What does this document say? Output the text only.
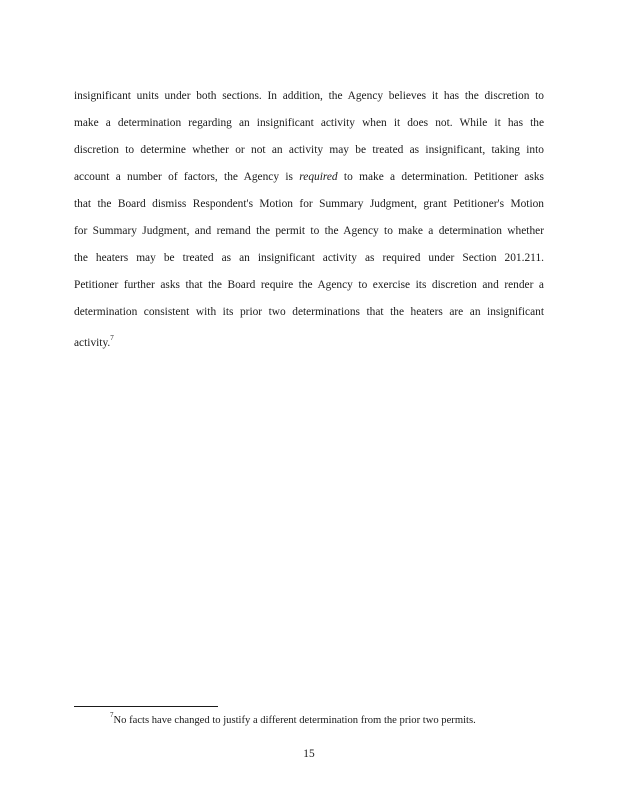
insignificant units under both sections. In addition, the Agency believes it has the discretion to
make a determination regarding an insignificant activity when it does not. While it has the
discretion to determine whether or not an activity may be treated as insignificant, taking into
account a number of factors, the Agency is required to make a determination. Petitioner asks
that the Board dismiss Respondent's Motion for Summary Judgment, grant Petitioner's Motion
for Summary Judgment, and remand the permit to the Agency to make a determination whether
the heaters may be treated as an insignificant activity as required under Section 201.211.
Petitioner further asks that the Board require the Agency to exercise its discretion and render a
determination consistent with its prior two determinations that the heaters are an insignificant
activity.$^7$
$^7$No facts have changed to justify a different determination from the prior two permits.
15
